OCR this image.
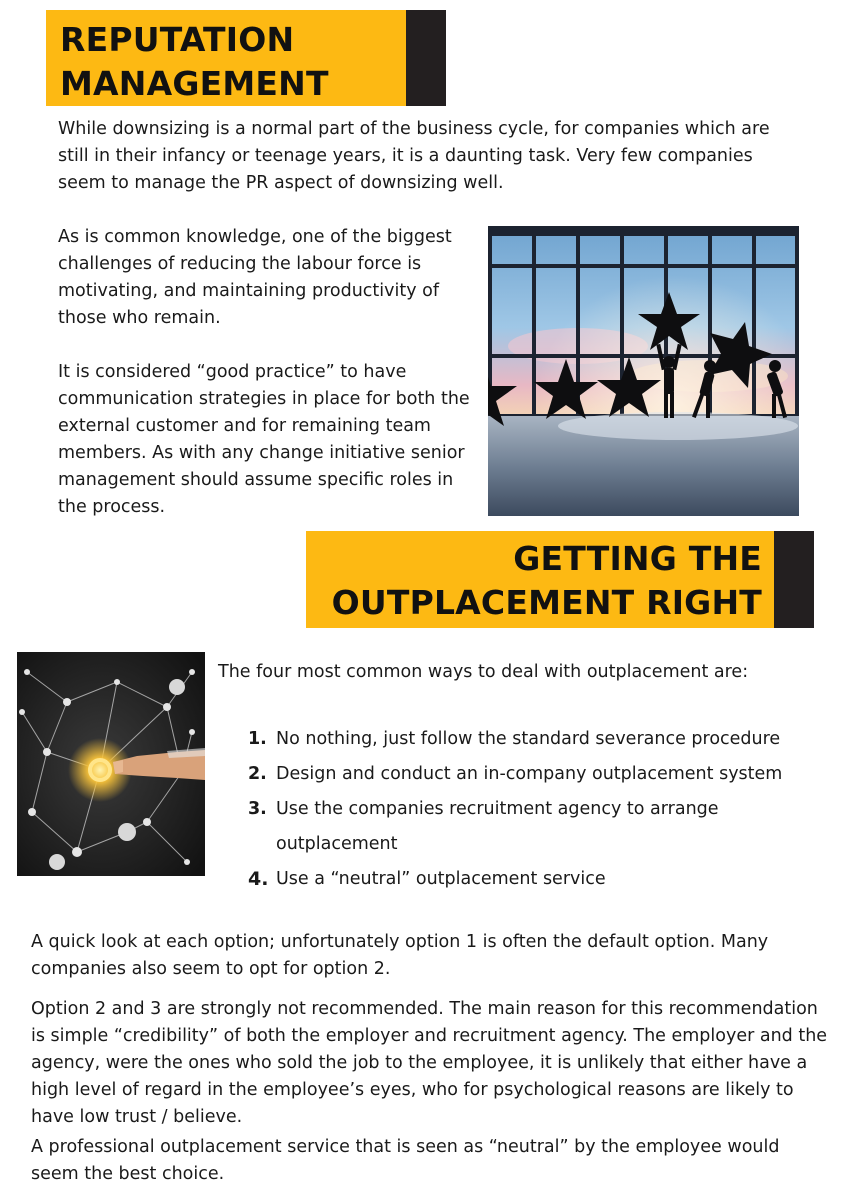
REPUTATION
MANAGEMENT

While downsizing is a normal part of the business cycle, for companies which are still in their infancy or teenage years, it is a daunting task. Very few companies seem to manage the PR aspect of downsizing well.

As is common knowledge, one of the biggest challenges of reducing the labour force is motivating, and maintaining productivity of those who remain.

It is considered “good practice” to have communication strategies in place for both the external customer and for remaining team members. As with any change initiative senior management should assume specific roles in the process.

GETTING THE
OUTPLACEMENT RIGHT

The four most common ways to deal with outplacement are:

1. No nothing, just follow the standard severance procedure
2. Design and conduct an in-company outplacement system
3. Use the companies recruitment agency to arrange outplacement
4. Use a “neutral” outplacement service

A quick look at each option; unfortunately option 1 is often the default option. Many companies also seem to opt for option 2.

Option 2 and 3 are strongly not recommended. The main reason for this recommendation is simple “credibility” of both the employer and recruitment agency. The employer and the agency, were the ones who sold the job to the employee, it is unlikely that either have a high level of regard in the employee’s eyes, who for psychological reasons are likely to have low trust / believe.

A professional outplacement service that is seen as “neutral” by the employee would seem the best choice.
